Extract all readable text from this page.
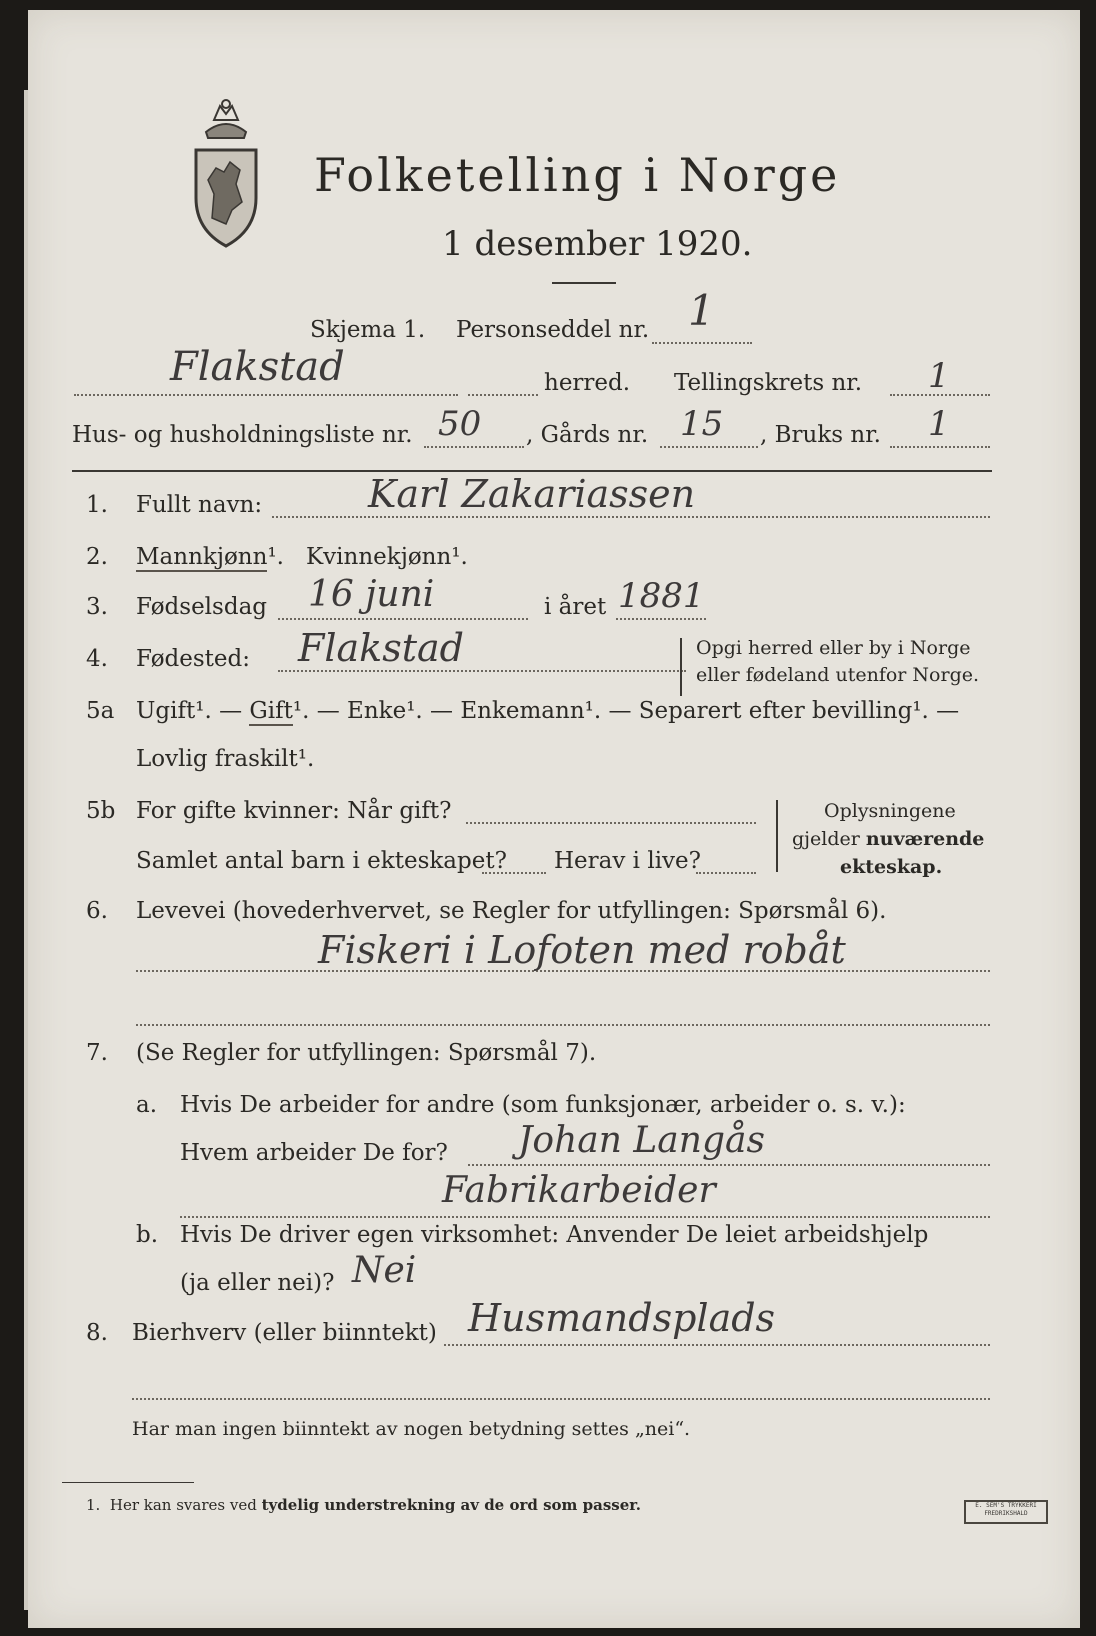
Folketelling i Norge
1 desember 1920.
Skjema 1. Personseddel nr. 1
Flakstad	herred. Tellingskrets nr. 1
Hus- og husholdningsliste nr. 50 , Gårds nr. 15 , Bruks nr. 1
1. Fullt navn:	Karl Zakariassen
2. Mannkjønn¹. Kvinnekjønn¹.
3. Fødselsdag 16 juni	i året 1881
4. Fødested: Flakstad	Opgi herred eller by i Norge
eller fødeland utenfor Norge.
5a Ugift¹. — Gift¹. — Enke¹. — Enkemann¹. — Separert efter bevilling¹. —
Lovlig fraskilt¹.
5b For gifte kvinner: Når gift?
Samlet antal barn i ekteskapet? Herav i live?
Oplysningene
gjelder nuværende
ekteskap.
6. Levevei (hovederhvervet, se Regler for utfyllingen: Spørsmål 6).
Fiskeri i Lofoten med robåt
7. (Se Regler for utfyllingen: Spørsmål 7).
a. Hvis De arbeider for andre (som funksjonær, arbeider o. s. v.):
Hvem arbeider De for? Johan Langås
Fabrikarbeider
b. Hvis De driver egen virksomhet: Anvender De leiet arbeidshjelp
(ja eller nei)? Nei
8. Bierhverv (eller biinntekt) Husmandsplads
Har man ingen biinntekt av nogen betydning settes „nei“.
1. Her kan svares ved tydelig understrekning av de ord som passer.	E. SEM'S TRYKKERI
FREDRIKSHALD
